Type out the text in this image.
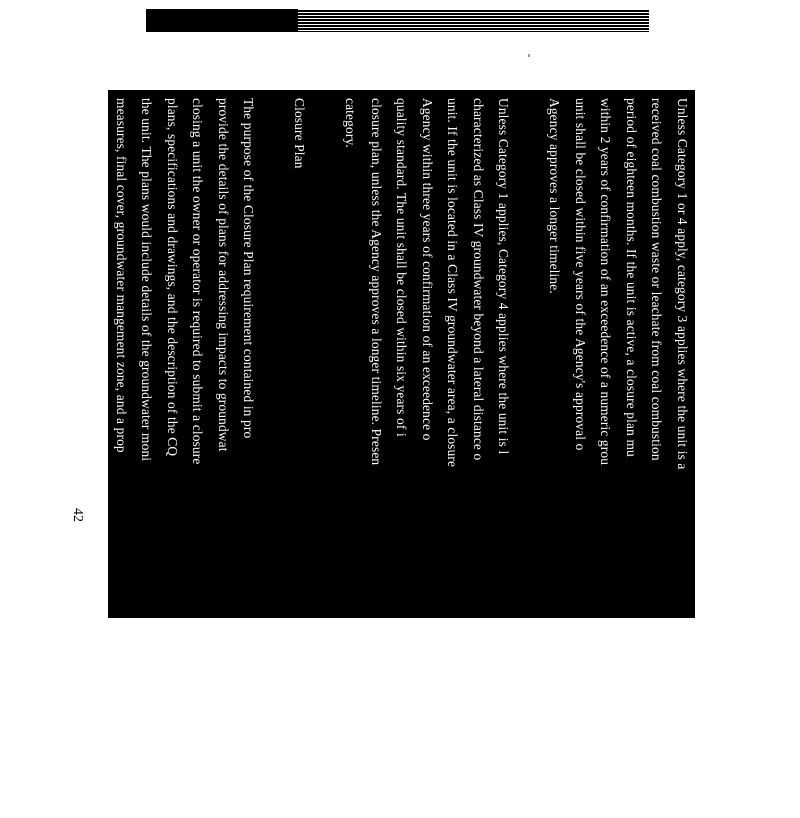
42
Unless Category 1 or 4 apply, category 3 applies where the unit is a
received coal combustion waste or leachate from coal combustion
period of eighteen months. If the unit is active, a closure plan mu
within 2 years of confirmation of an exceedence of a numeric grou
unit shall be closed within five years of the Agency's approval o
Agency approves a longer timeline.
Unless Category 1 applies, Category 4 applies where the unit is l
characterized as Class IV groundwater beyond a lateral distance o
unit. If the unit is located in a Class IV groundwater area, a closure
Agency within three years of confirmation of an exceedence o
quality standard. The unit shall be closed within six years of i
closure plan, unless the Agency approves a longer timeline. Presen
category.
Closure Plan
The purpose of the Closure Plan requirement contained in pro
provide the details of plans for addressing impacts to groundwat
closing a unit the owner or operator is required to submit a closure
plans, specifications and drawings, and the description of the CQ
the unit. The plans would include details of the groundwater moni
measures, final cover, groundwater mangement zone, and a prop
the work. Due to the wide variety of site conditions encountered a
provided the owner or operator flexibility to utilize earth materials
permeability covers and will consider emerging technologies for
2009). There are synthetic products on the market which are be
